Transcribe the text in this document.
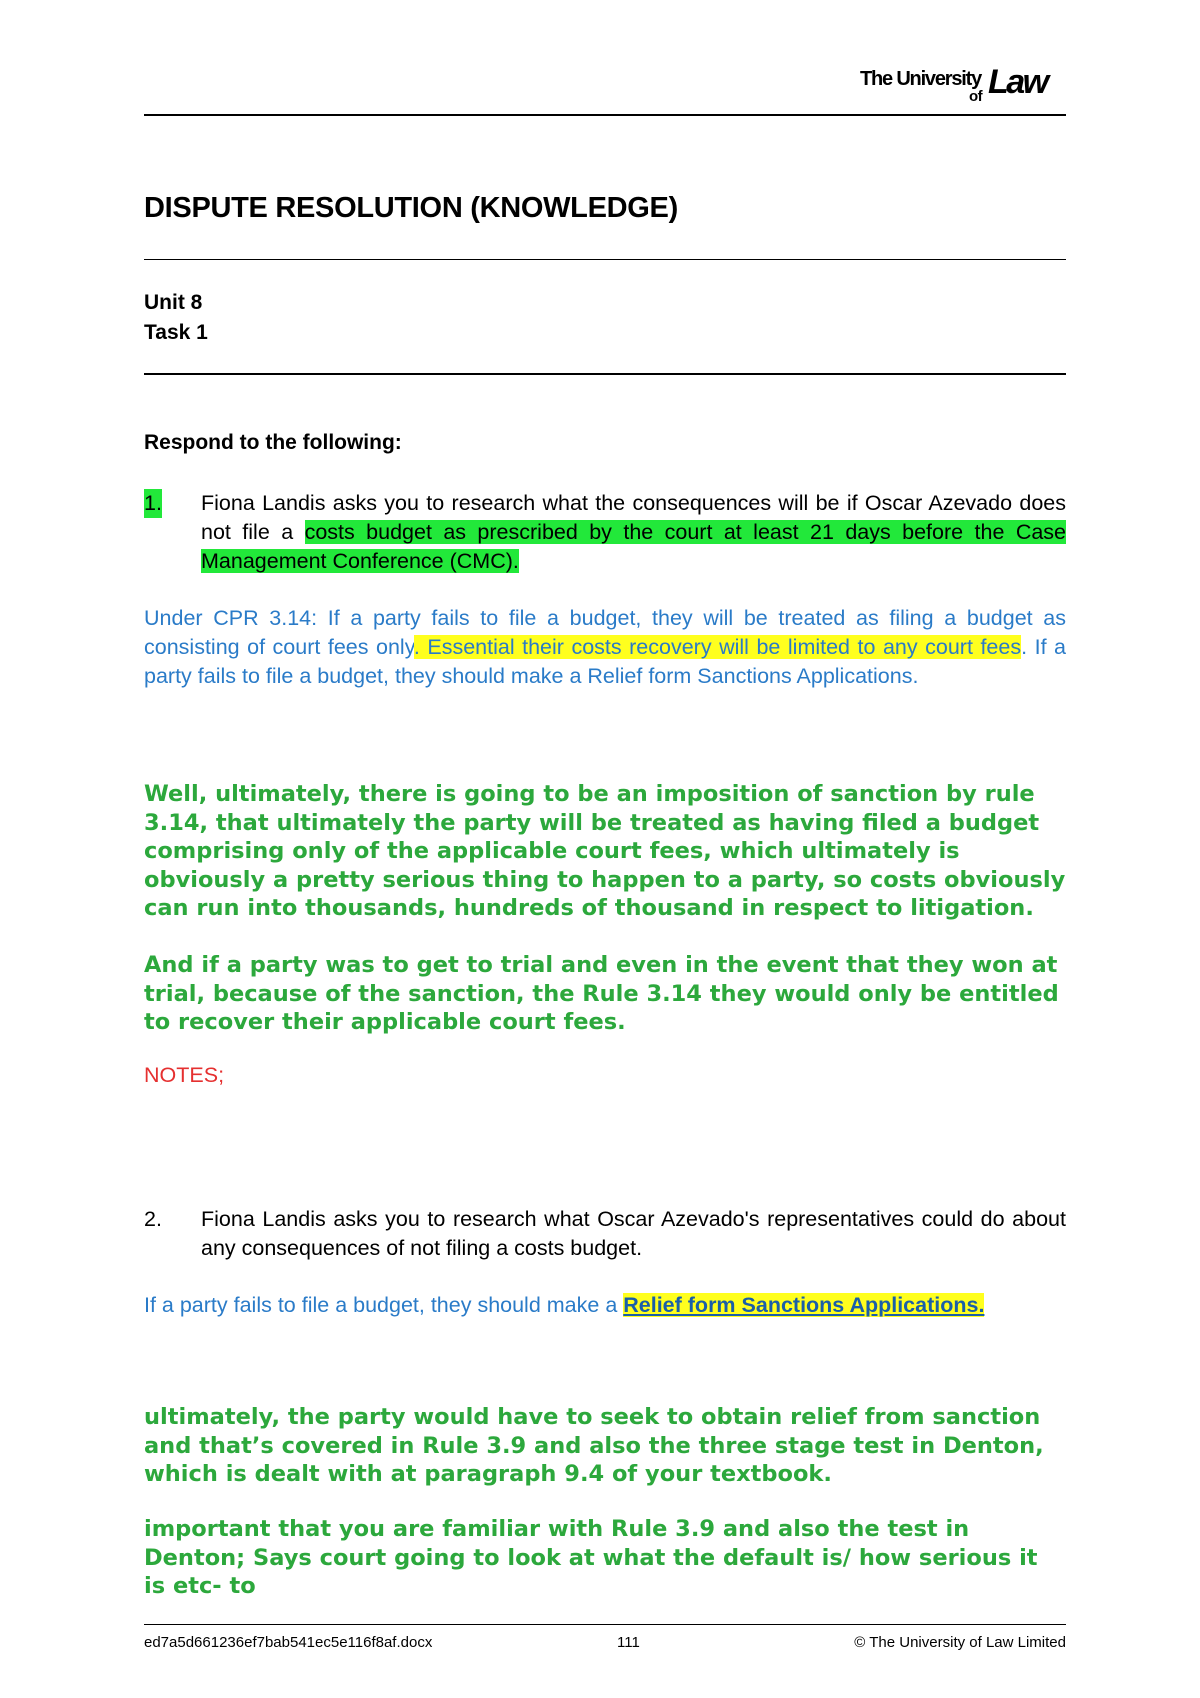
The University
of Law
DISPUTE RESOLUTION (KNOWLEDGE)
Unit 8
Task 1
Respond to the following:
1. Fiona Landis asks you to research what the consequences will be if Oscar Azevado does not file a costs budget as prescribed by the court at least 21 days before the Case Management Conference (CMC).
Under CPR 3.14: If a party fails to file a budget, they will be treated as filing a budget as consisting of court fees only. Essential their costs recovery will be limited to any court fees. If a party fails to file a budget, they should make a Relief form Sanctions Applications.
Well, ultimately, there is going to be an imposition of sanction by rule 3.14, that ultimately the party will be treated as having filed a budget comprising only of the applicable court fees, which ultimately is obviously a pretty serious thing to happen to a party, so costs obviously can run into thousands, hundreds of thousand in respect to litigation.
And if a party was to get to trial and even in the event that they won at trial, because of the sanction, the Rule 3.14 they would only be entitled to recover their applicable court fees.
NOTES;
2. Fiona Landis asks you to research what Oscar Azevado's representatives could do about any consequences of not filing a costs budget.
If a party fails to file a budget, they should make a Relief form Sanctions Applications.
ultimately, the party would have to seek to obtain relief from sanction and that’s covered in Rule 3.9 and also the three stage test in Denton, which is dealt with at paragraph 9.4 of your textbook.
important that you are familiar with Rule 3.9 and also the test in Denton; Says court going to look at what the default is/ how serious it is etc- to
ed7a5d661236ef7bab541ec5e116f8af.docx	111	© The University of Law Limited
